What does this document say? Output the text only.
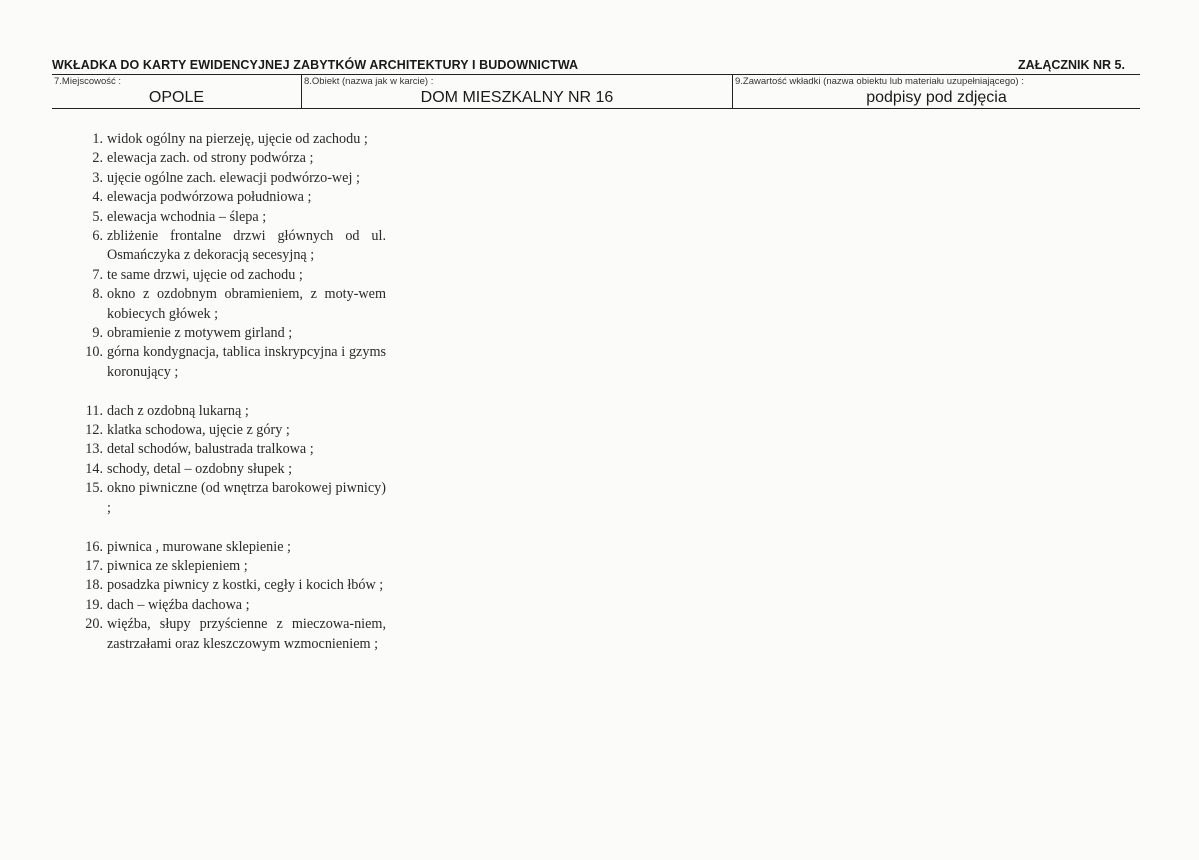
WKŁADKA DO KARTY EWIDENCYJNEJ ZABYTKÓW ARCHITEKTURY I BUDOWNICTWA	ZAŁĄCZNIK NR 5.
7.Miejscowość :
OPOLE
8.Obiekt (nazwa jak w karcie) :
DOM MIESZKALNY NR 16
9.Zawartość wkładki (nazwa obiektu lub materiału uzupełniającego) :
podpisy pod zdjęcia
1. widok ogólny na pierzeję, ujęcie od zachodu ;
2. elewacja zach. od strony podwórza ;
3. ujęcie ogólne zach. elewacji podwórzo-wej ;
4. elewacja podwórzowa południowa ;
5. elewacja wchodnia – ślepa ;
6. zbliżenie frontalne drzwi głównych od ul. Osmańczyka z dekoracją secesyjną ;
7. te same drzwi, ujęcie od zachodu ;
8. okno z ozdobnym obramieniem, z moty-wem kobiecych główek ;
9. obramienie z motywem girland ;
10. górna kondygnacja, tablica inskrypcyjna i gzyms koronujący ;
11. dach z ozdobną lukarną ;
12. klatka schodowa, ujęcie z góry ;
13. detal schodów, balustrada tralkowa ;
14. schody, detal – ozdobny słupek ;
15. okno piwniczne (od wnętrza barokowej piwnicy) ;
16. piwnica , murowane sklepienie ;
17. piwnica ze sklepieniem ;
18. posadzka piwnicy z kostki, cegły i kocich łbów ;
19. dach – więźba dachowa ;
20. więźba, słupy przyścienne z mieczowa-niem, zastrzałami oraz kleszczowym wzmocnieniem ;
